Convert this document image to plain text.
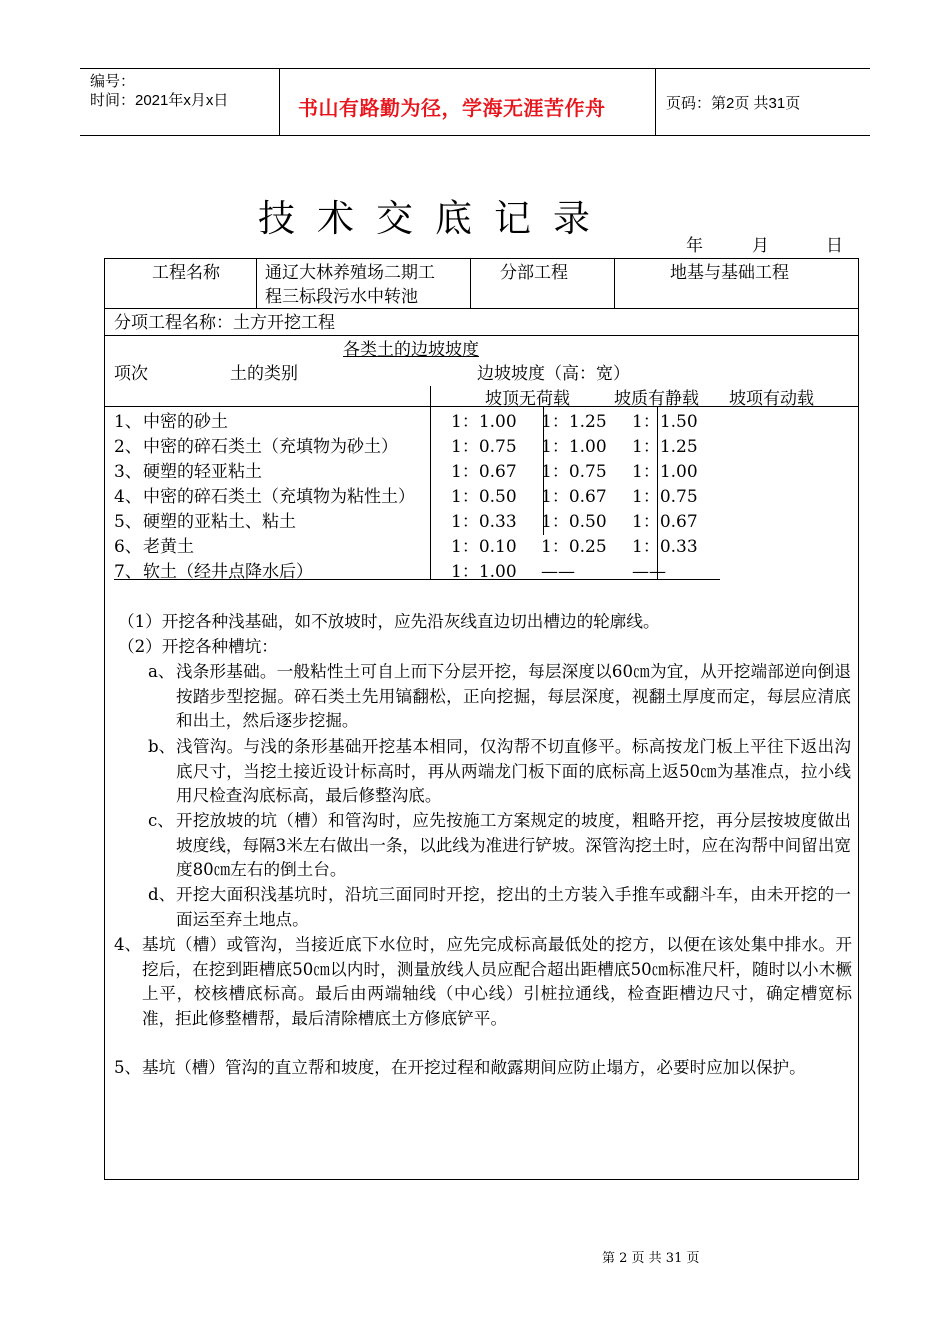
编号：
时间：2021年x月x日	书山有路勤为径，学海无涯苦作舟	页码：第2页 共31页
技术交底记录
年	月	日
工程名称	通辽大林养殖场二期工
程三标段污水中转池
分部工程	地基与基础工程
分项工程名称：土方开挖工程
各类土的边坡坡度
项次	土的类别	边坡坡度（高：宽）
坡顶无荷载	坡质有静载 坡项有动载
1、 中密的砂土	1：1.00 1：1.25 1：1.50
2、 中密的碎石类土（充填物为砂土）	1：0.75 1：1.00 1：1.25
3、 硬塑的轻亚粘土	1：0.67 1：0.75 1：1.00
4、 中密的碎石类土（充填物为粘性土） 1：0.50 1：0.67 1：0.75
5、 硬塑的亚粘土、粘土	1：0.33 1：0.50 1：0.67
6、 老黄土	1：0.10 1：0.25 1：0.33
7、 软土（经井点降水后）	1：1.00 ——	——
（1）开挖各种浅基础，如不放坡时，应先沿灰线直边切出槽边的轮廓线。
（2）开挖各种槽坑：
a、 浅条形基础。一般粘性土可自上而下分层开挖，每层深度以60㎝为宜，从开挖端部逆向倒退按踏步型挖掘。碎石类土先用镐翻松，正向挖掘，每层深度，视翻土厚度而定，每层应清底和出土，然后逐步挖掘。
b、 浅管沟。与浅的条形基础开挖基本相同，仅沟帮不切直修平。标高按龙门板上平往下返出沟底尺寸，当挖土接近设计标高时，再从两端龙门板下面的底标高上返50㎝为基准点，拉小线用尺检查沟底标高，最后修整沟底。
c、 开挖放坡的坑（槽）和管沟时，应先按施工方案规定的坡度，粗略开挖，再分层按坡度做出坡度线，每隔3米左右做出一条，以此线为准进行铲坡。深管沟挖土时，应在沟帮中间留出宽度80㎝左右的倒土台。
d、 开挖大面积浅基坑时，沿坑三面同时开挖，挖出的土方装入手推车或翻斗车，由未开挖的一面运至弃土地点。
4、 基坑（槽）或管沟，当接近底下水位时，应先完成标高最低处的挖方，以便在该处集中排水。开挖后，在挖到距槽底50㎝以内时，测量放线人员应配合超出距槽底50㎝标准尺杆，随时以小木橛上平，校核槽底标高。最后由两端轴线（中心线）引桩拉通线，检查距槽边尺寸，确定槽宽标准，拒此修整槽帮，最后清除槽底土方修底铲平。
5、 基坑（槽）管沟的直立帮和坡度，在开挖过程和敞露期间应防止塌方，必要时应加以保护。
第 2 页 共 31 页
